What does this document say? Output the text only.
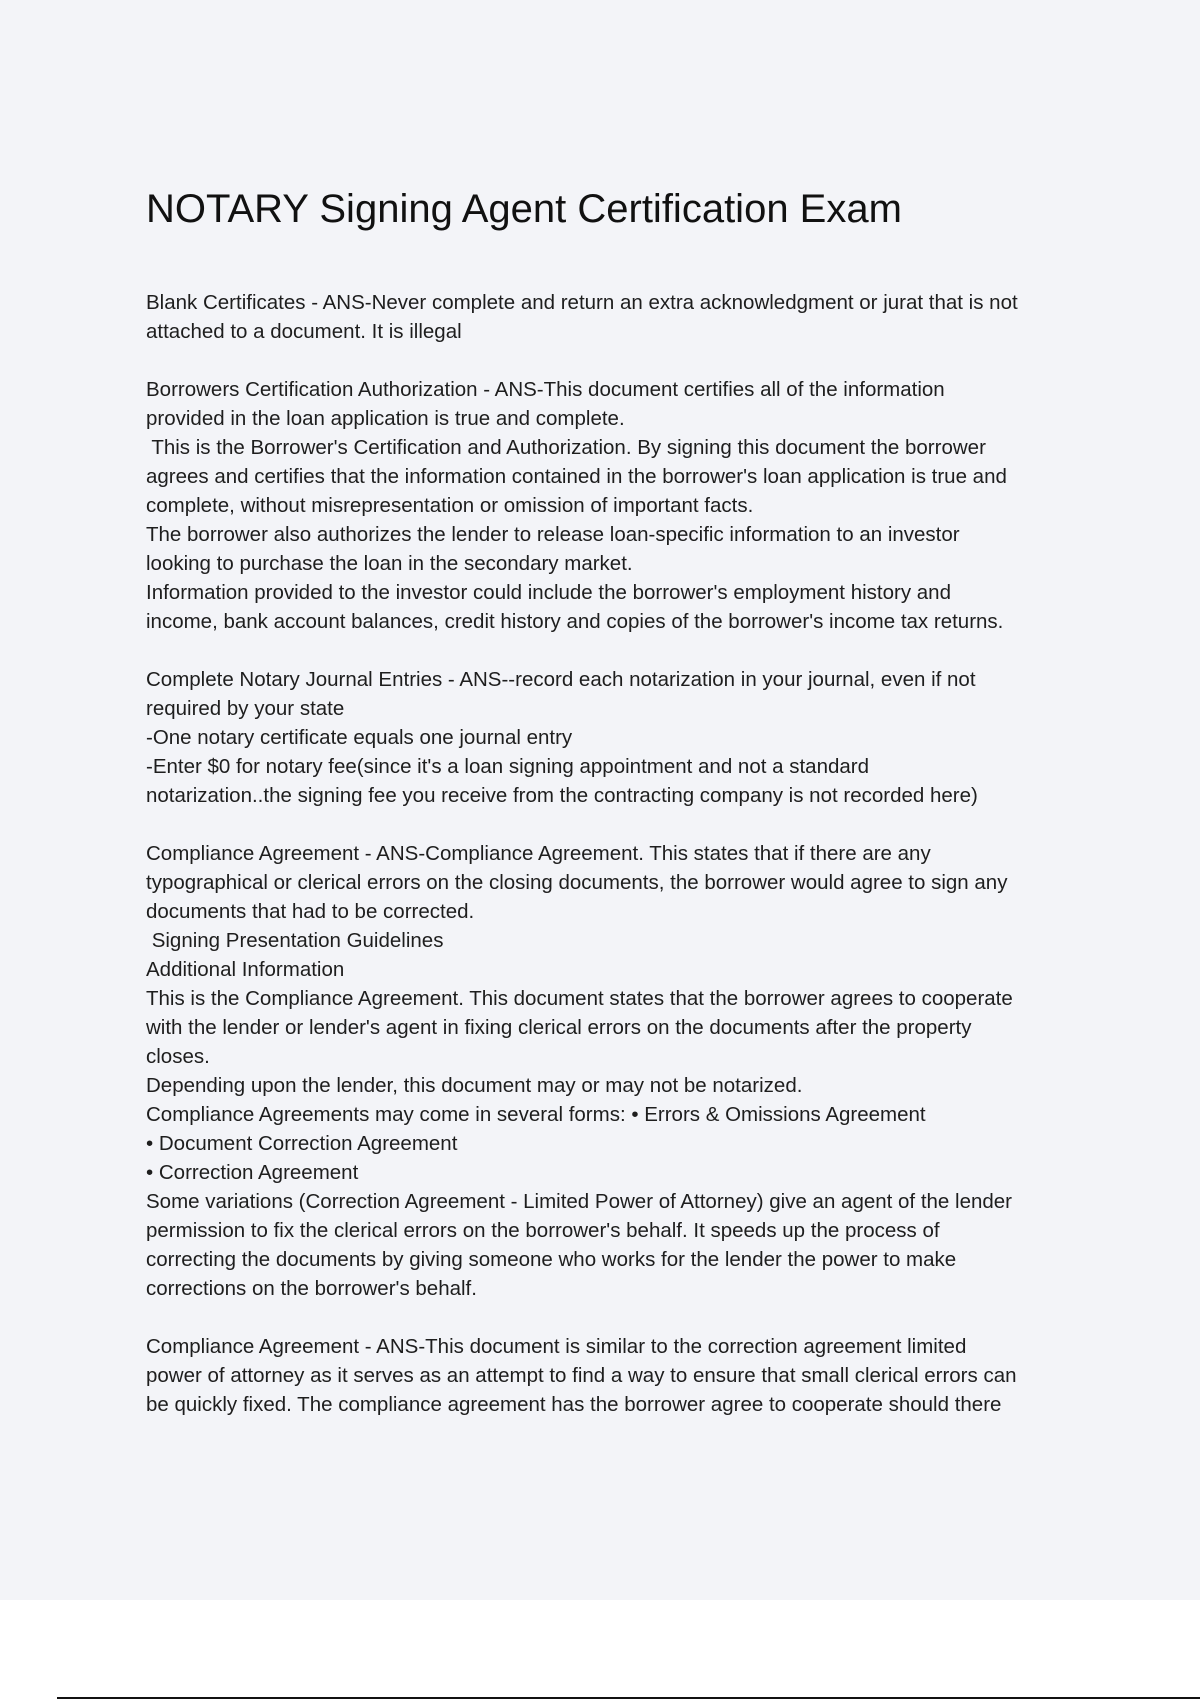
NOTARY Signing Agent Certification Exam
Blank Certificates - ANS-Never complete and return an extra acknowledgment or jurat that is not
attached to a document. It is illegal
Borrowers Certification Authorization - ANS-This document certifies all of the information
provided in the loan application is true and complete.
This is the Borrower's Certification and Authorization. By signing this document the borrower
agrees and certifies that the information contained in the borrower's loan application is true and
complete, without misrepresentation or omission of important facts.
The borrower also authorizes the lender to release loan-specific information to an investor
looking to purchase the loan in the secondary market.
Information provided to the investor could include the borrower's employment history and
income, bank account balances, credit history and copies of the borrower's income tax returns.
Complete Notary Journal Entries - ANS--record each notarization in your journal, even if not
required by your state
-One notary certificate equals one journal entry
-Enter $0 for notary fee(since it's a loan signing appointment and not a standard
notarization..the signing fee you receive from the contracting company is not recorded here)
Compliance Agreement - ANS-Compliance Agreement. This states that if there are any
typographical or clerical errors on the closing documents, the borrower would agree to sign any
documents that had to be corrected.
Signing Presentation Guidelines
Additional Information
This is the Compliance Agreement. This document states that the borrower agrees to cooperate
with the lender or lender's agent in fixing clerical errors on the documents after the property
closes.
Depending upon the lender, this document may or may not be notarized.
Compliance Agreements may come in several forms: • Errors & Omissions Agreement
• Document Correction Agreement
• Correction Agreement
Some variations (Correction Agreement - Limited Power of Attorney) give an agent of the lender
permission to fix the clerical errors on the borrower's behalf. It speeds up the process of
correcting the documents by giving someone who works for the lender the power to make
corrections on the borrower's behalf.
Compliance Agreement - ANS-This document is similar to the correction agreement limited
power of attorney as it serves as an attempt to find a way to ensure that small clerical errors can
be quickly fixed. The compliance agreement has the borrower agree to cooperate should there
